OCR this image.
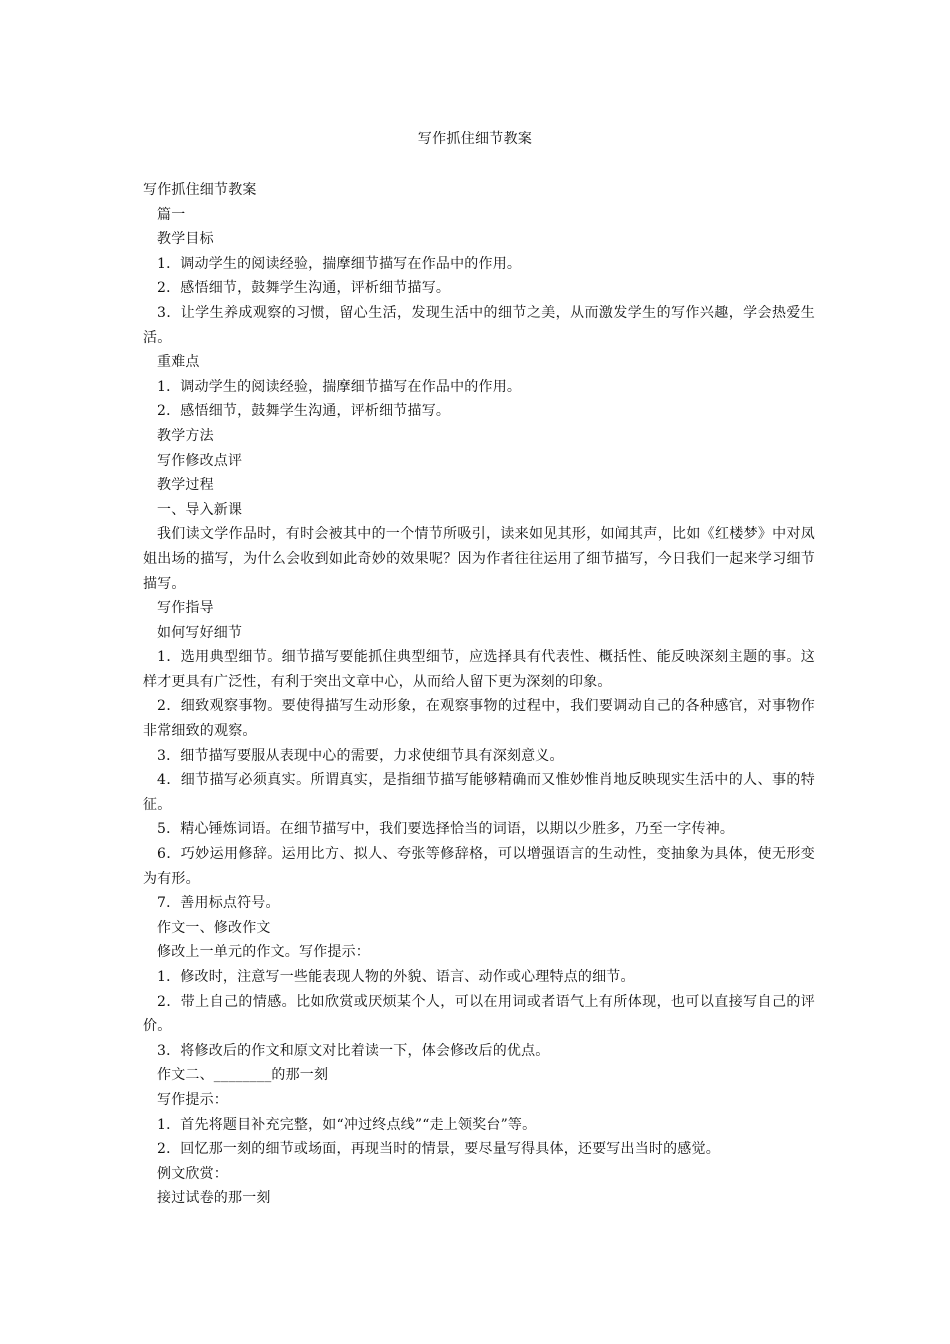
写作抓住细节教案

写作抓住细节教案

篇一

教学目标

1．调动学生的阅读经验，揣摩细节描写在作品中的作用。

2．感悟细节，鼓舞学生沟通，评析细节描写。

3．让学生养成观察的习惯，留心生活，发现生活中的细节之美，从而激发学生的写作兴趣，学会热爱生活。

重难点

1．调动学生的阅读经验，揣摩细节描写在作品中的作用。

2．感悟细节，鼓舞学生沟通，评析细节描写。

教学方法

写作修改点评

教学过程

一、导入新课

我们读文学作品时，有时会被其中的一个情节所吸引，读来如见其形，如闻其声，比如《红楼梦》中对凤姐出场的描写，为什么会收到如此奇妙的效果呢？因为作者往往运用了细节描写，今日我们一起来学习细节描写。

写作指导

如何写好细节

1．选用典型细节。细节描写要能抓住典型细节，应选择具有代表性、概括性、能反映深刻主题的事。这样才更具有广泛性，有利于突出文章中心，从而给人留下更为深刻的印象。

2．细致观察事物。要使得描写生动形象，在观察事物的过程中，我们要调动自己的各种感官，对事物作非常细致的观察。

3．细节描写要服从表现中心的需要，力求使细节具有深刻意义。

4．细节描写必须真实。所谓真实，是指细节描写能够精确而又惟妙惟肖地反映现实生活中的人、事的特征。

5．精心锤炼词语。在细节描写中，我们要选择恰当的词语，以期以少胜多，乃至一字传神。

6．巧妙运用修辞。运用比方、拟人、夸张等修辞格，可以增强语言的生动性，变抽象为具体，使无形变为有形。

7．善用标点符号。

作文一、修改作文

修改上一单元的作文。写作提示：

1．修改时，注意写一些能表现人物的外貌、语言、动作或心理特点的细节。

2．带上自己的情感。比如欣赏或厌烦某个人，可以在用词或者语气上有所体现，也可以直接写自己的评价。

3．将修改后的作文和原文对比着读一下，体会修改后的优点。

作文二、________的那一刻

写作提示：

1．首先将题目补充完整，如“冲过终点线”“走上领奖台”等。

2．回忆那一刻的细节或场面，再现当时的情景，要尽量写得具体，还要写出当时的感觉。

例文欣赏：

接过试卷的那一刻
